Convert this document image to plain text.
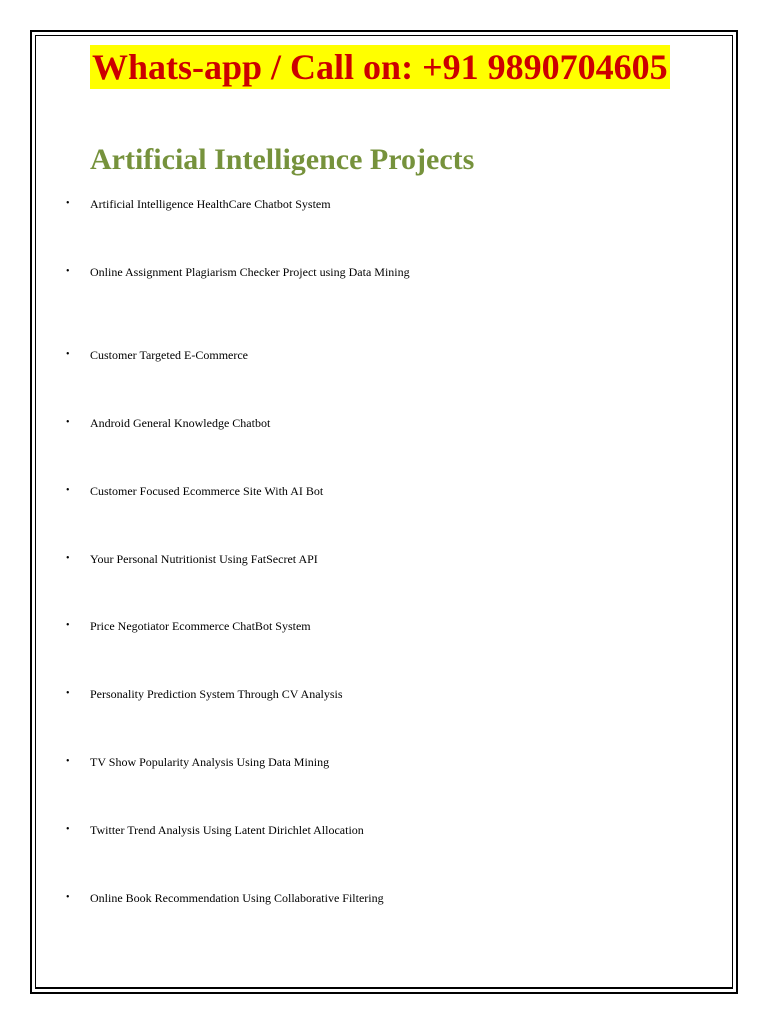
Whats-app / Call on: +91 9890704605
Artificial Intelligence Projects
• Artificial Intelligence HealthCare Chatbot System
• Online Assignment Plagiarism Checker Project using Data Mining
• Customer Targeted E-Commerce
• Android General Knowledge Chatbot
• Customer Focused Ecommerce Site With AI Bot
• Your Personal Nutritionist Using FatSecret API
• Price Negotiator Ecommerce ChatBot System
• Personality Prediction System Through CV Analysis
• TV Show Popularity Analysis Using Data Mining
• Twitter Trend Analysis Using Latent Dirichlet Allocation
• Online Book Recommendation Using Collaborative Filtering
